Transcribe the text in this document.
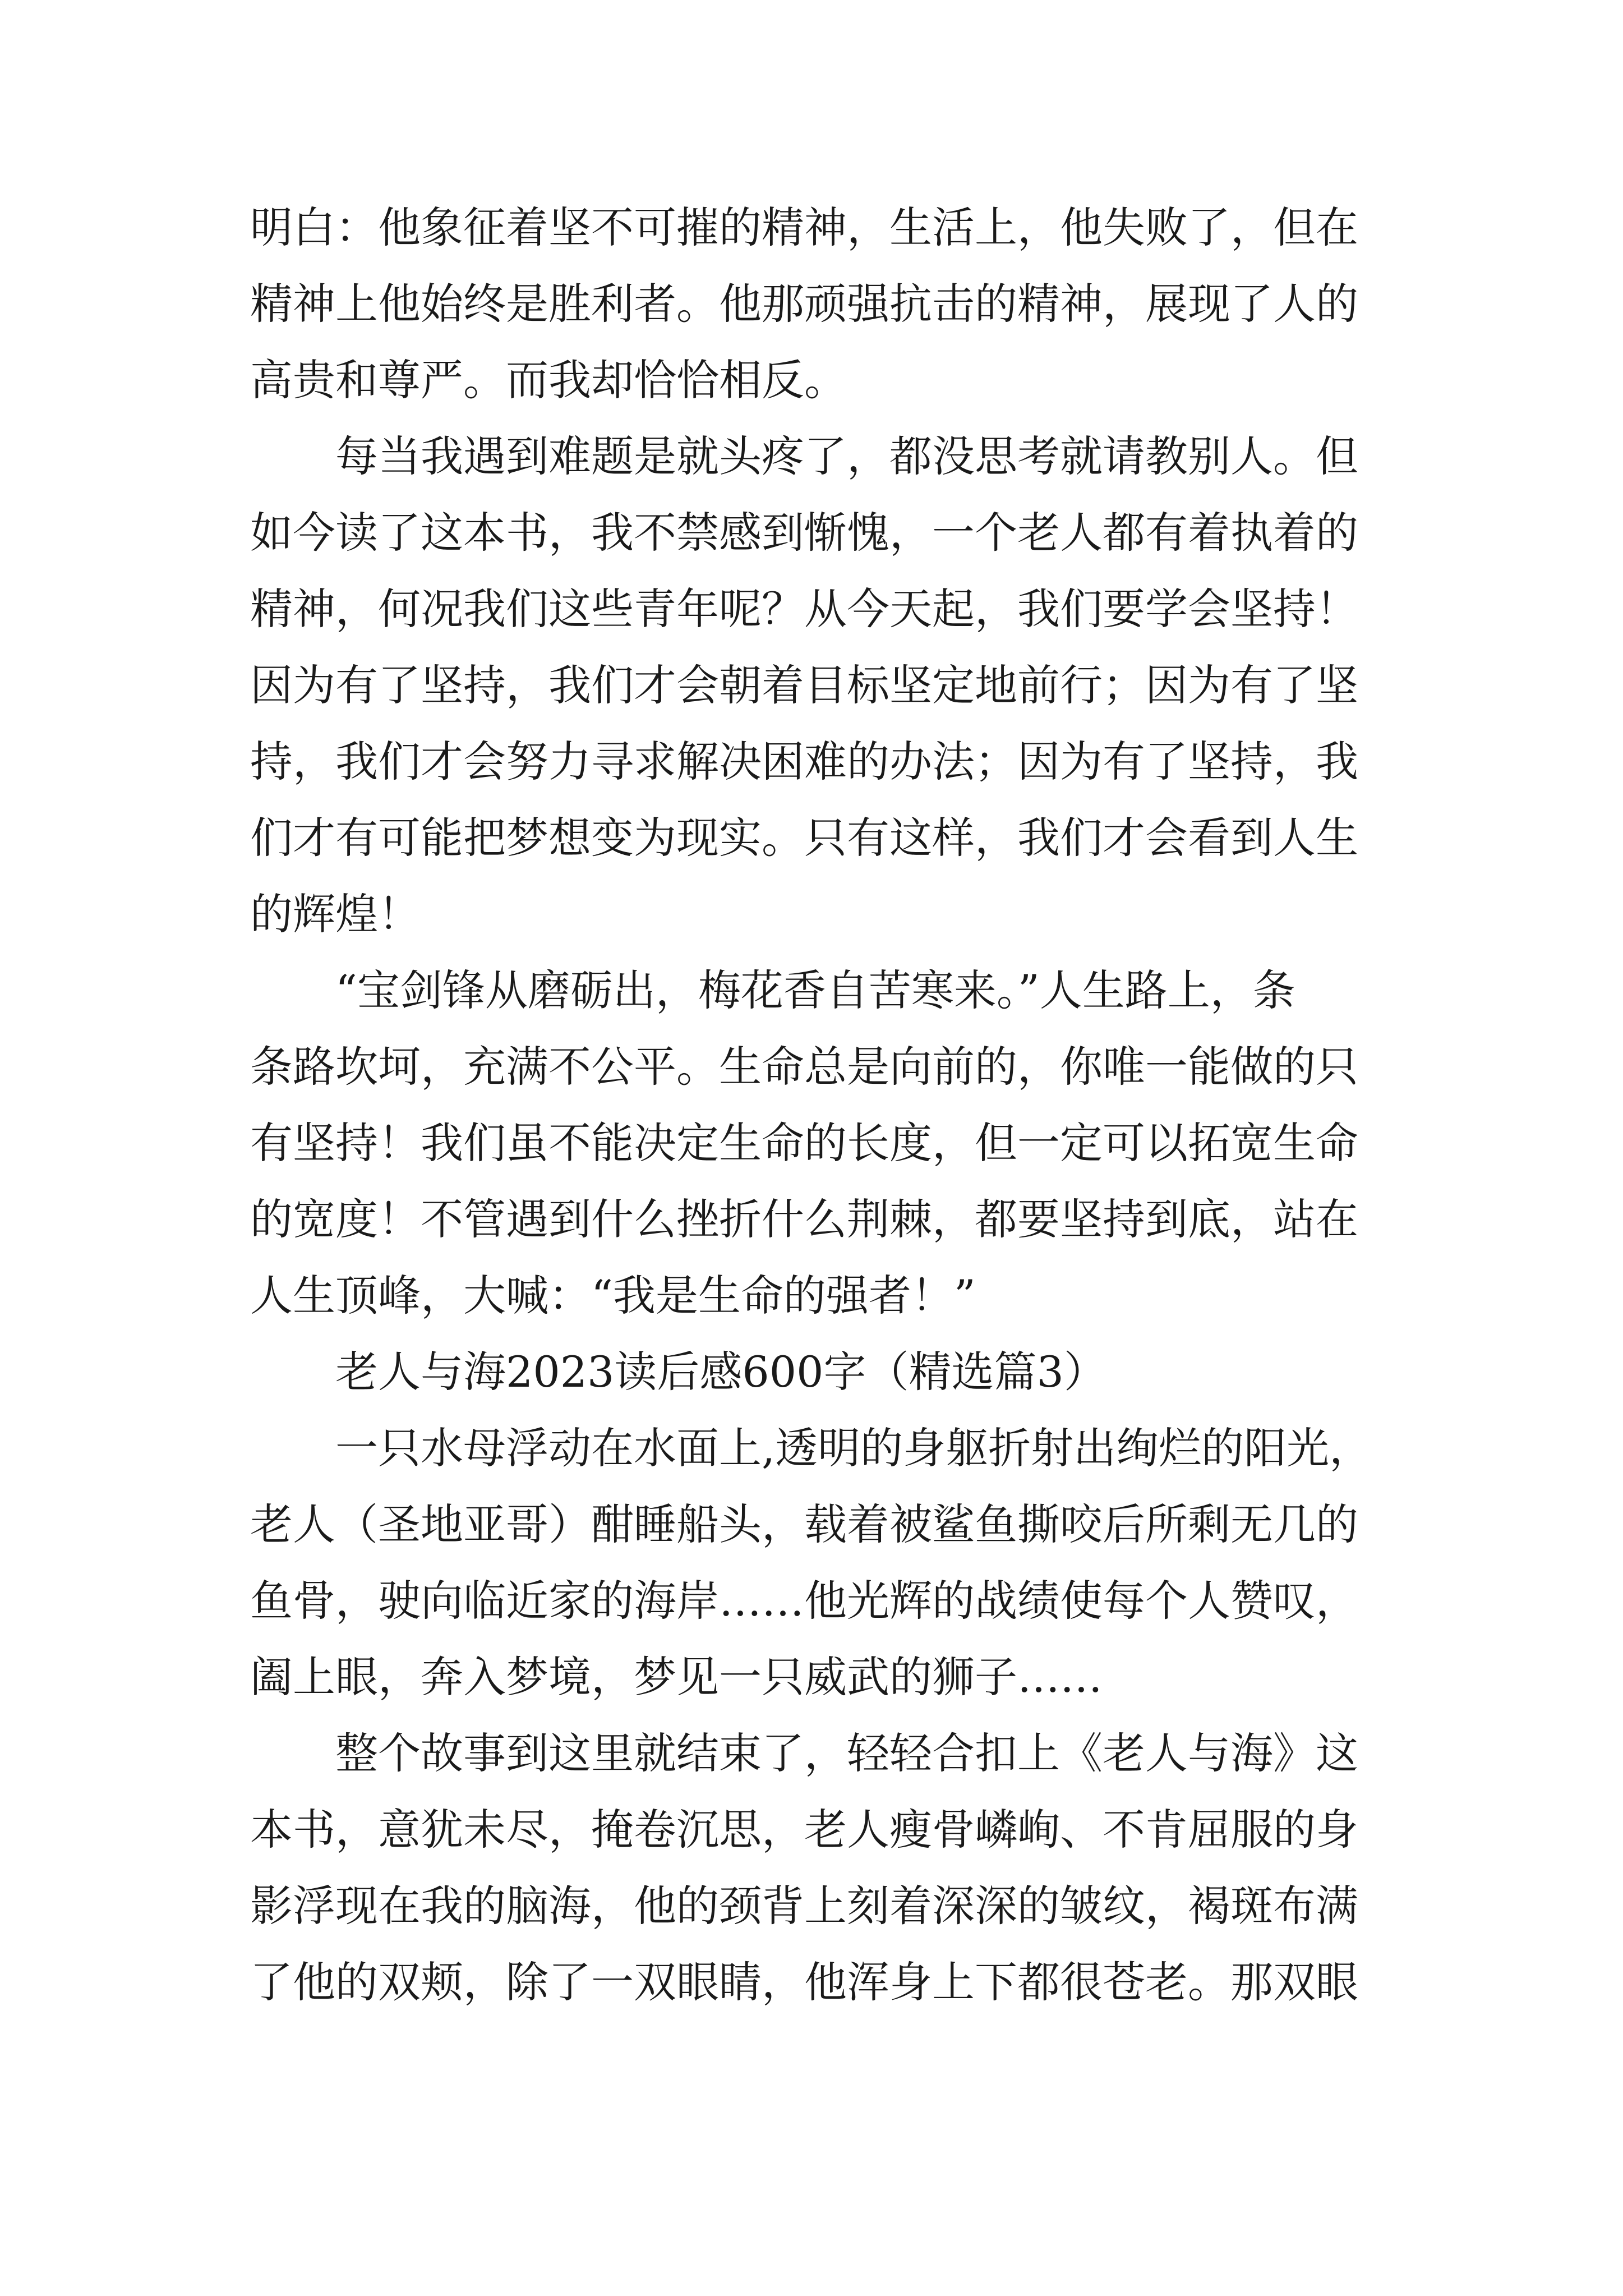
明白：他象征着坚不可摧的精神，生活上，他失败了，但在
精神上他始终是胜利者。他那顽强抗击的精神，展现了人的
高贵和尊严。而我却恰恰相反。
每当我遇到难题是就头疼了，都没思考就请教别人。但
如今读了这本书，我不禁感到惭愧，一个老人都有着执着的
精神，何况我们这些青年呢？从今天起，我们要学会坚持！
因为有了坚持，我们才会朝着目标坚定地前行；因为有了坚
持，我们才会努力寻求解决困难的办法；因为有了坚持，我
们才有可能把梦想变为现实。只有这样，我们才会看到人生
的辉煌！
“宝剑锋从磨砺出，梅花香自苦寒来。”人生路上，条
条路坎坷，充满不公平。生命总是向前的，你唯一能做的只
有坚持！我们虽不能决定生命的长度，但一定可以拓宽生命
的宽度！不管遇到什么挫折什么荆棘，都要坚持到底，站在
人生顶峰，大喊：“我是生命的强者！”
老人与海2023读后感600字（精选篇3）
一只水母浮动在水面上,透明的身躯折射出绚烂的阳光，
老人（圣地亚哥）酣睡船头，载着被鲨鱼撕咬后所剩无几的
鱼骨，驶向临近家的海岸……他光辉的战绩使每个人赞叹，
阖上眼，奔入梦境，梦见一只威武的狮子……
整个故事到这里就结束了，轻轻合扣上《老人与海》这
本书，意犹未尽，掩卷沉思，老人瘦骨嶙峋、不肯屈服的身
影浮现在我的脑海，他的颈背上刻着深深的皱纹，褐斑布满
了他的双颊，除了一双眼睛，他浑身上下都很苍老。那双眼
